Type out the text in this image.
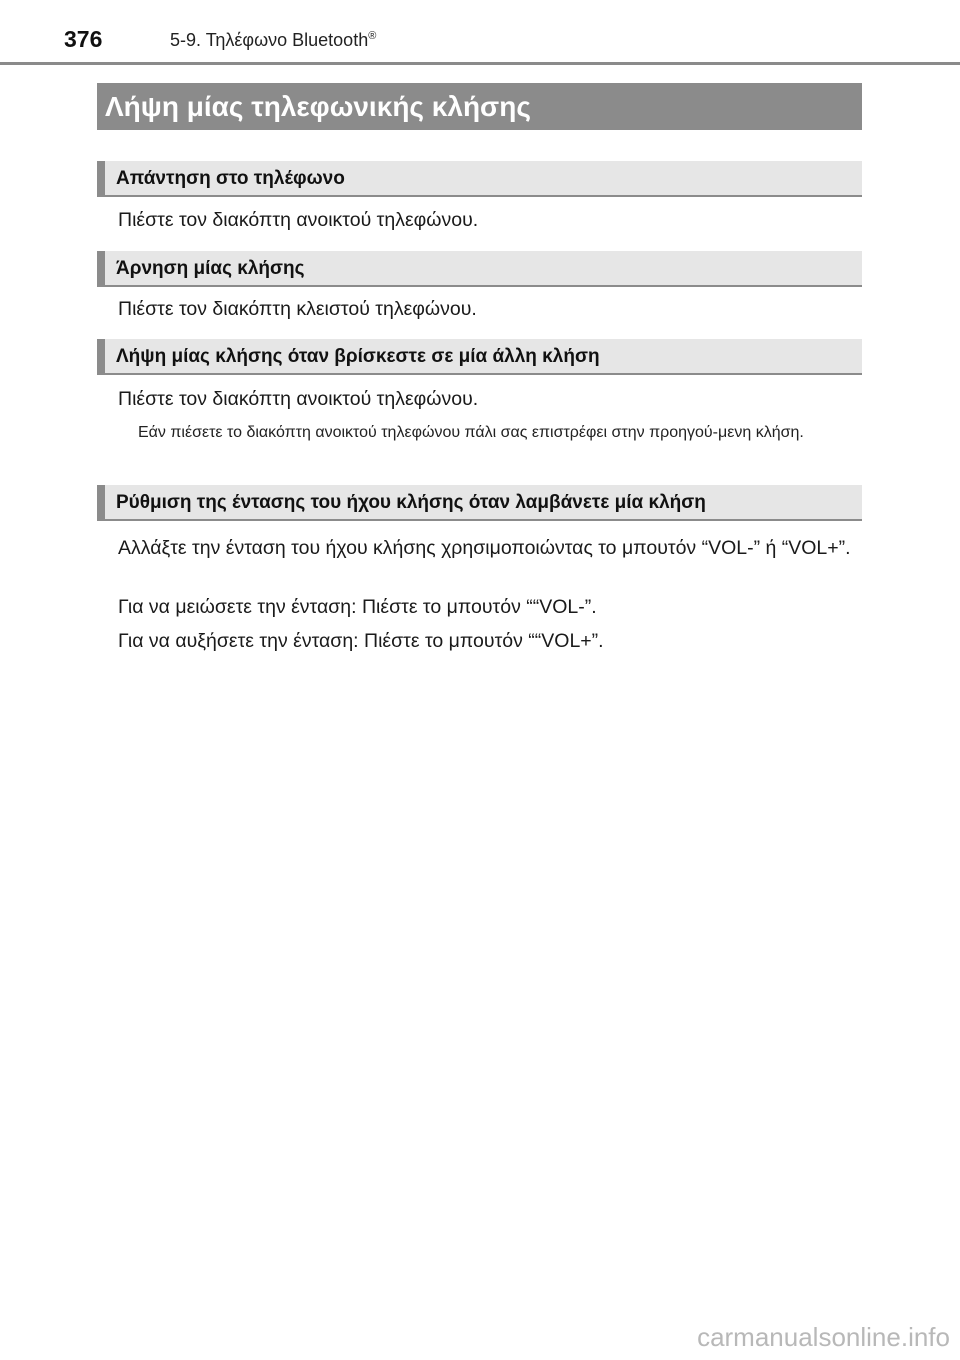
376	5-9. Τηλέφωνο Bluetooth®
Λήψη μίας τηλεφωνικής κλήσης
Απάντηση στο τηλέφωνο
Πιέστε τον διακόπτη ανοικτού τηλεφώνου.
Άρνηση μίας κλήσης
Πιέστε τον διακόπτη κλειστού τηλεφώνου.
Λήψη μίας κλήσης όταν βρίσκεστε σε μία άλλη κλήση
Πιέστε τον διακόπτη ανοικτού τηλεφώνου.
Εάν πιέσετε το διακόπτη ανοικτού τηλεφώνου πάλι σας επιστρέφει στην προηγού-μενη κλήση.
Ρύθμιση της έντασης του ήχου κλήσης όταν λαμβάνετε μία κλήση
Αλλάξτε την ένταση του ήχου κλήσης χρησιμοποιώντας το μπουτόν “VOL-” ή “VOL+”.
Για να μειώσετε την ένταση: Πιέστε το μπουτόν ““VOL-”.
Για να αυξήσετε την ένταση: Πιέστε το μπουτόν ““VOL+”.
carmanualsonline.info
